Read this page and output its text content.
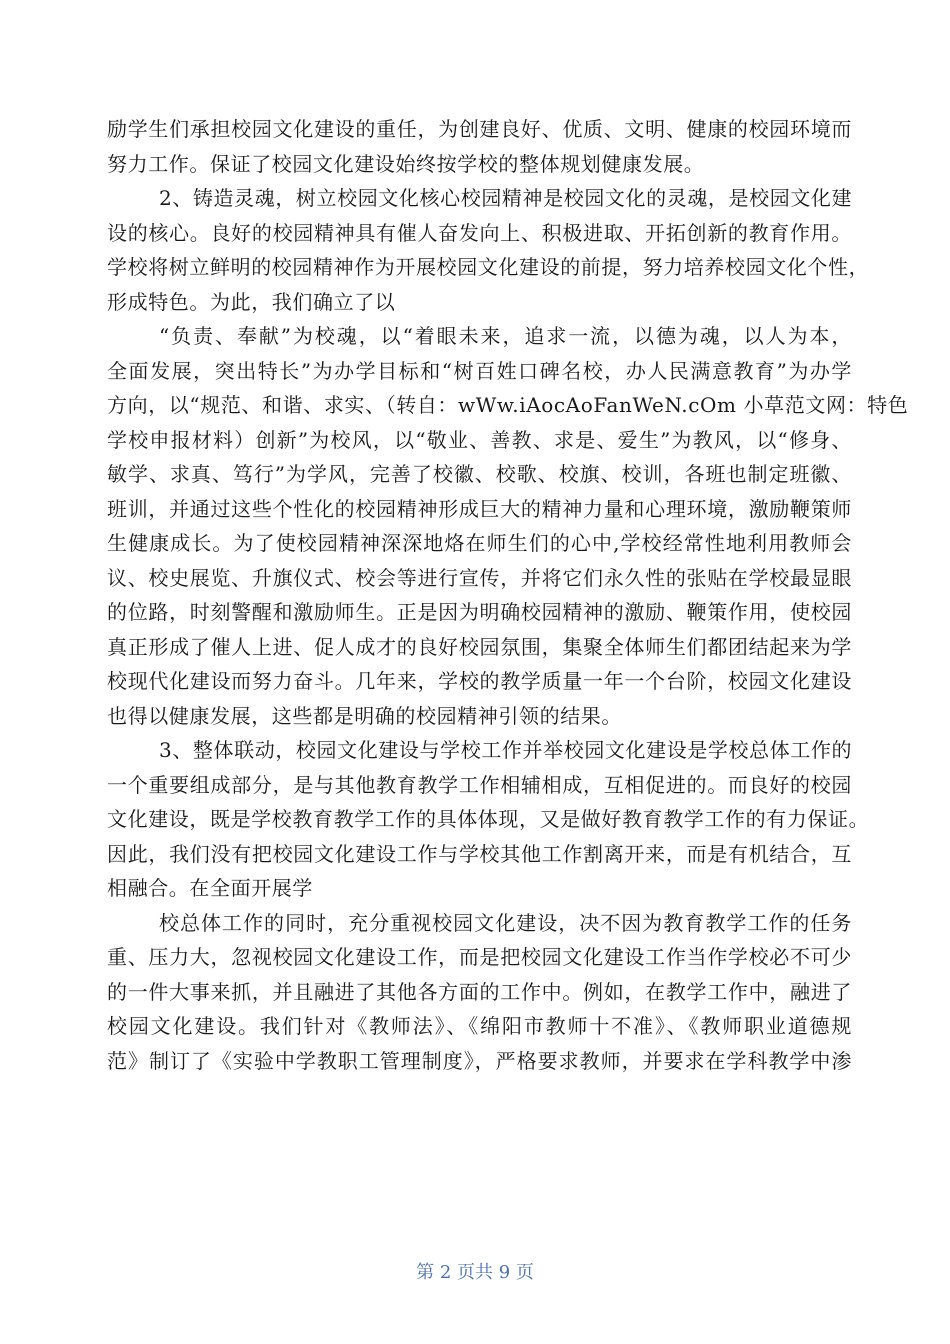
励学生们承担校园文化建设的重任，为创建良好、优质、文明、健康的校园环境而
努力工作。保证了校园文化建设始终按学校的整体规划健康发展。
2、铸造灵魂，树立校园文化核心校园精神是校园文化的灵魂，是校园文化建
设的核心。良好的校园精神具有催人奋发向上、积极进取、开拓创新的教育作用。
学校将树立鲜明的校园精神作为开展校园文化建设的前提，努力培养校园文化个性，
形成特色。为此，我们确立了以
“负责、奉献”为校魂，以“着眼未来，追求一流，以德为魂，以人为本，
全面发展，突出特长”为办学目标和“树百姓口碑名校，办人民满意教育”为办学
方向，以“规范、和谐、求实、（转自：wWw.iAocAoFanWeN.cOm 小草范文网：特色
学校申报材料）创新”为校风，以“敬业、善教、求是、爱生”为教风，以“修身、
敏学、求真、笃行”为学风，完善了校徽、校歌、校旗、校训，各班也制定班徽、
班训，并通过这些个性化的校园精神形成巨大的精神力量和心理环境，激励鞭策师
生健康成长。为了使校园精神深深地烙在师生们的心中,学校经常性地利用教师会
议、校史展览、升旗仪式、校会等进行宣传，并将它们永久性的张贴在学校最显眼
的位路，时刻警醒和激励师生。正是因为明确校园精神的激励、鞭策作用，使校园
真正形成了催人上进、促人成才的良好校园氛围，集聚全体师生们都团结起来为学
校现代化建设而努力奋斗。几年来，学校的教学质量一年一个台阶，校园文化建设
也得以健康发展，这些都是明确的校园精神引领的结果。
3、整体联动，校园文化建设与学校工作并举校园文化建设是学校总体工作的
一个重要组成部分，是与其他教育教学工作相辅相成，互相促进的。而良好的校园
文化建设，既是学校教育教学工作的具体体现，又是做好教育教学工作的有力保证。
因此，我们没有把校园文化建设工作与学校其他工作割离开来，而是有机结合，互
相融合。在全面开展学
校总体工作的同时，充分重视校园文化建设，决不因为教育教学工作的任务
重、压力大，忽视校园文化建设工作，而是把校园文化建设工作当作学校必不可少
的一件大事来抓，并且融进了其他各方面的工作中。例如，在教学工作中，融进了
校园文化建设。我们针对《教师法》、《绵阳市教师十不准》、《教师职业道德规
范》制订了《实验中学教职工管理制度》，严格要求教师，并要求在学科教学中渗
第 2 页共 9 页
